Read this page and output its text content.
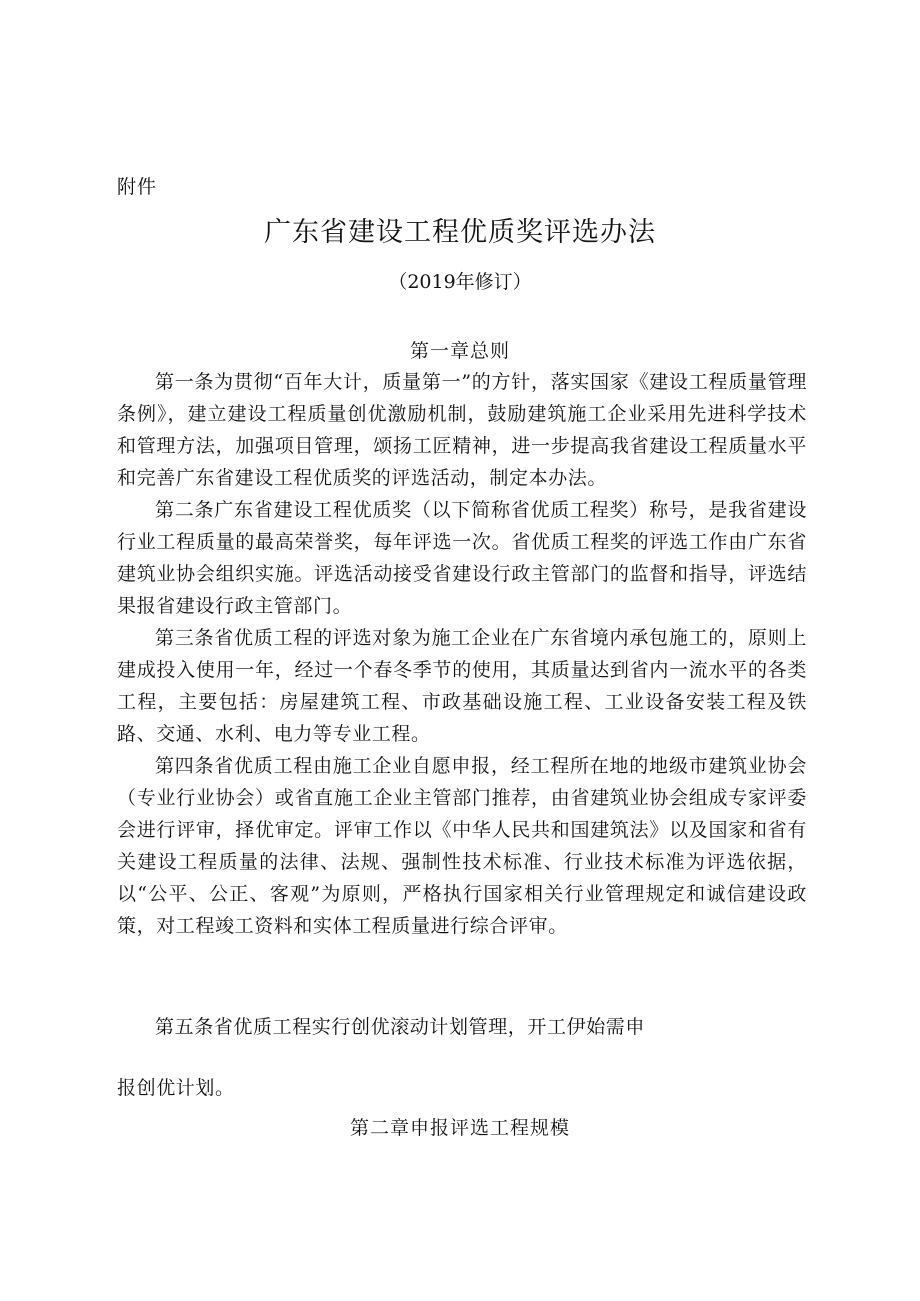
附件
广东省建设工程优质奖评选办法
（2019年修订）
第一章总则

第一条为贯彻“百年大计，质量第一”的方针，落实国家《建设工程质量管理条例》，建立建设工程质量创优激励机制，鼓励建筑施工企业采用先进科学技术和管理方法，加强项目管理，颂扬工匠精神，进一步提高我省建设工程质量水平和完善广东省建设工程优质奖的评选活动，制定本办法。

第二条广东省建设工程优质奖（以下简称省优质工程奖）称号，是我省建设行业工程质量的最高荣誉奖，每年评选一次。省优质工程奖的评选工作由广东省建筑业协会组织实施。评选活动接受省建设行政主管部门的监督和指导，评选结果报省建设行政主管部门。

第三条省优质工程的评选对象为施工企业在广东省境内承包施工的，原则上建成投入使用一年，经过一个春冬季节的使用，其质量达到省内一流水平的各类工程，主要包括：房屋建筑工程、市政基础设施工程、工业设备安装工程及铁路、交通、水利、电力等专业工程。

第四条省优质工程由施工企业自愿申报，经工程所在地的地级市建筑业协会（专业行业协会）或省直施工企业主管部门推荐，由省建筑业协会组成专家评委会进行评审，择优审定。评审工作以《中华人民共和国建筑法》以及国家和省有关建设工程质量的法律、法规、强制性技术标准、行业技术标准为评选依据，以“公平、公正、客观”为原则，严格执行国家相关行业管理规定和诚信建设政策，对工程竣工资料和实体工程质量进行综合评审。

第五条省优质工程实行创优滚动计划管理，开工伊始需申

报创优计划。
第二章申报评选工程规模
